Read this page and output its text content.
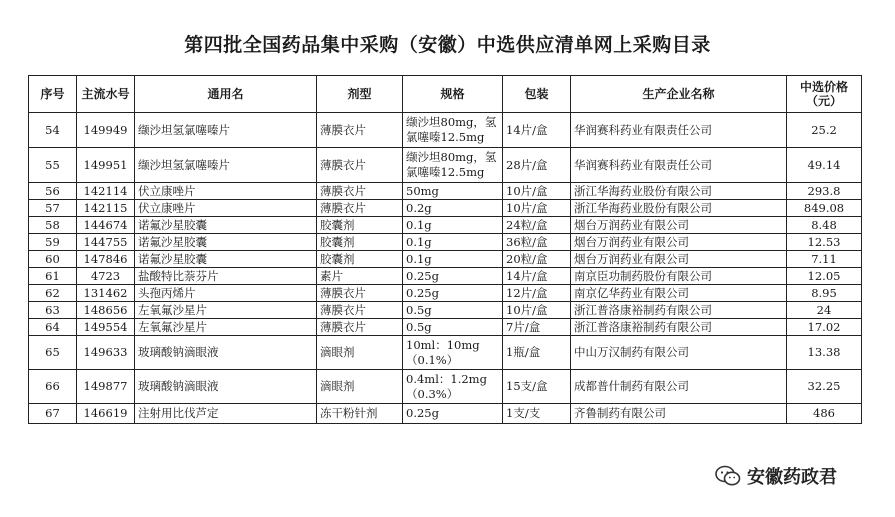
第四批全国药品集中采购（安徽）中选供应清单网上采购目录
序号	主流水号	通用名	剂型	规格	包装	生产企业名称	中选价格（元）
54	149949	缬沙坦氢氯噻嗪片	薄膜衣片	缬沙坦80mg，氢氯噻嗪12.5mg	14片/盒	华润赛科药业有限责任公司	25.2
55	149951	缬沙坦氢氯噻嗪片	薄膜衣片	缬沙坦80mg，氢氯噻嗪12.5mg	28片/盒	华润赛科药业有限责任公司	49.14
56	142114	伏立康唑片	薄膜衣片	50mg	10片/盒	浙江华海药业股份有限公司	293.8
57	142115	伏立康唑片	薄膜衣片	0.2g	10片/盒	浙江华海药业股份有限公司	849.08
58	144674	诺氟沙星胶囊	胶囊剂	0.1g	24粒/盒	烟台万润药业有限公司	8.48
59	144755	诺氟沙星胶囊	胶囊剂	0.1g	36粒/盒	烟台万润药业有限公司	12.53
60	147846	诺氟沙星胶囊	胶囊剂	0.1g	20粒/盒	烟台万润药业有限公司	7.11
61	4723	盐酸特比萘芬片	素片	0.25g	14片/盒	南京臣功制药股份有限公司	12.05
62	131462	头孢丙烯片	薄膜衣片	0.25g	12片/盒	南京亿华药业有限公司	8.95
63	148656	左氧氟沙星片	薄膜衣片	0.5g	10片/盒	浙江普洛康裕制药有限公司	24
64	149554	左氧氟沙星片	薄膜衣片	0.5g	7片/盒	浙江普洛康裕制药有限公司	17.02
65	149633	玻璃酸钠滴眼液	滴眼剂	10ml：10mg（0.1%）	1瓶/盒	中山万汉制药有限公司	13.38
66	149877	玻璃酸钠滴眼液	滴眼剂	0.4ml：1.2mg（0.3%）	15支/盒	成都普什制药有限公司	32.25
67	146619	注射用比伐芦定	冻干粉针剂	0.25g	1支/支	齐鲁制药有限公司	486
安徽药政君
